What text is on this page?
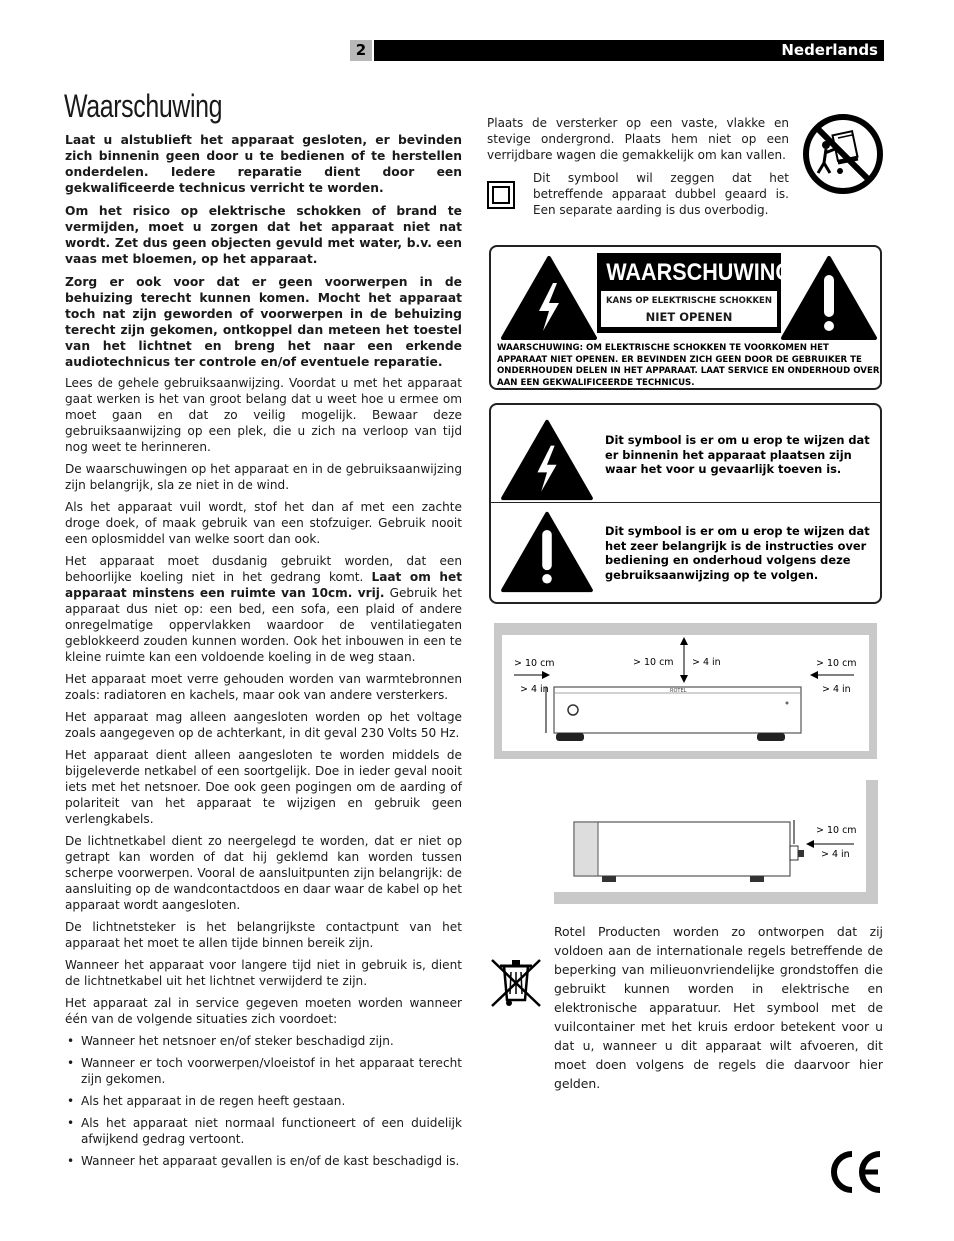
2	Nederlands
Waarschuwing

Laat u alstublieft het apparaat gesloten, er bevinden zich binnenin geen door u te bedienen of te herstellen onderdelen. Iedere reparatie dient door een gekwalificeerde technicus verricht te worden.

Om het risico op elektrische schokken of brand te vermijden, moet u zorgen dat het apparaat niet nat wordt. Zet dus geen objecten gevuld met water, b.v. een vaas met bloemen, op het apparaat.

Zorg er ook voor dat er geen voorwerpen in de behuizing terecht kunnen komen. Mocht het apparaat toch nat zijn geworden of voorwerpen in de behuizing terecht zijn gekomen, ontkoppel dan meteen het toestel van het lichtnet en breng het naar een erkende audiotechnicus ter controle en/of eventuele reparatie.

Lees de gehele gebruiksaanwijzing. Voordat u met het apparaat gaat werken is het van groot belang dat u weet hoe u ermee om moet gaan en dat zo veilig mogelijk. Bewaar deze gebruiksaanwijzing op een plek, die u zich na verloop van tijd nog weet te herinneren.

De waarschuwingen op het apparaat en in de gebruiksaanwijzing zijn belangrijk, sla ze niet in de wind.

Als het apparaat vuil wordt, stof het dan af met een zachte droge doek, of maak gebruik van een stofzuiger. Gebruik nooit een oplosmiddel van welke soort dan ook.

Het apparaat moet dusdanig gebruikt worden, dat een behoorlijke koeling niet in het gedrang komt. Laat om het apparaat minstens een ruimte van 10cm. vrij. Gebruik het apparaat dus niet op: een bed, een sofa, een plaid of andere onregelmatige oppervlakken waardoor de ventilatiegaten geblokkeerd zouden kunnen worden. Ook het inbouwen in een te kleine ruimte kan een voldoende koeling in de weg staan.

Het apparaat moet verre gehouden worden van warmtebronnen zoals: radiatoren en kachels, maar ook van andere versterkers.

Het apparaat mag alleen aangesloten worden op het voltage zoals aangegeven op de achterkant, in dit geval 230 Volts 50 Hz.

Het apparaat dient alleen aangesloten te worden middels de bijgeleverde netkabel of een soortgelijk. Doe in ieder geval nooit iets met het netsnoer. Doe ook geen pogingen om de aarding of polariteit van het apparaat te wijzigen en gebruik geen verlengkabels.

De lichtnetkabel dient zo neergelegd te worden, dat er niet op getrapt kan worden of dat hij geklemd kan worden tussen scherpe voorwerpen. Vooral de aansluitpunten zijn belangrijk: de aansluiting op de wandcontactdoos en daar waar de kabel op het apparaat wordt aangesloten.

De lichtnetsteker is het belangrijkste contactpunt van het apparaat het moet te allen tijde binnen bereik zijn.

Wanneer het apparaat voor langere tijd niet in gebruik is, dient de lichtnetkabel uit het lichtnet verwijderd te zijn.

Het apparaat zal in service gegeven moeten worden wanneer één van de volgende situaties zich voordoet:

• Wanneer het netsnoer en/of steker beschadigd zijn.
• Wanneer er toch voorwerpen/vloeistof in het apparaat terecht zijn gekomen.
• Als het apparaat in de regen heeft gestaan.
• Als het apparaat niet normaal functioneert of een duidelijk afwijkend gedrag vertoont.
• Wanneer het apparaat gevallen is en/of de kast beschadigd is.
Plaats de versterker op een vaste, vlakke en stevige ondergrond. Plaats hem niet op een verrijdbare wagen die gemakkelijk om kan vallen.
Dit symbool wil zeggen dat het betreffende apparaat dubbel geaard is. Een separate aarding is dus overbodig.
WAARSCHUWING
KANS OP ELEKTRISCHE SCHOKKEN
NIET OPENEN
WAARSCHUWING: OM ELEKTRISCHE SCHOKKEN TE VOORKOMEN HET APPARAAT NIET OPENEN. ER BEVINDEN ZICH GEEN DOOR DE GEBRUIKER TE ONDERHOUDEN DELEN IN HET APPARAAT. LAAT SERVICE EN ONDERHOUD OVER AAN EEN GEKWALIFICEERDE TECHNICUS.
Dit symbool is er om u erop te wijzen dat er binnenin het apparaat plaatsen zijn waar het voor u gevaarlijk toeven is.
Dit symbool is er om u erop te wijzen dat het zeer belangrijk is de instructies over bediening en onderhoud volgens deze gebruiksaanwijzing op te volgen.
> 10 cm
> 4 in
> 10 cm > 4 in	> 10 cm
> 4 in
ROTEL
> 10 cm
> 4 in
Rotel Producten worden zo ontworpen dat zij voldoen aan de internationale regels betreffende de beperking van milieuonvriendelijke grondstoffen die gebruikt kunnen worden in elektrische en elektronische apparatuur. Het symbool met de vuilcontainer met het kruis erdoor betekent voor u dat u, wanneer u dit apparaat wilt afvoeren, dit moet doen volgens de regels die daarvoor hier gelden.
